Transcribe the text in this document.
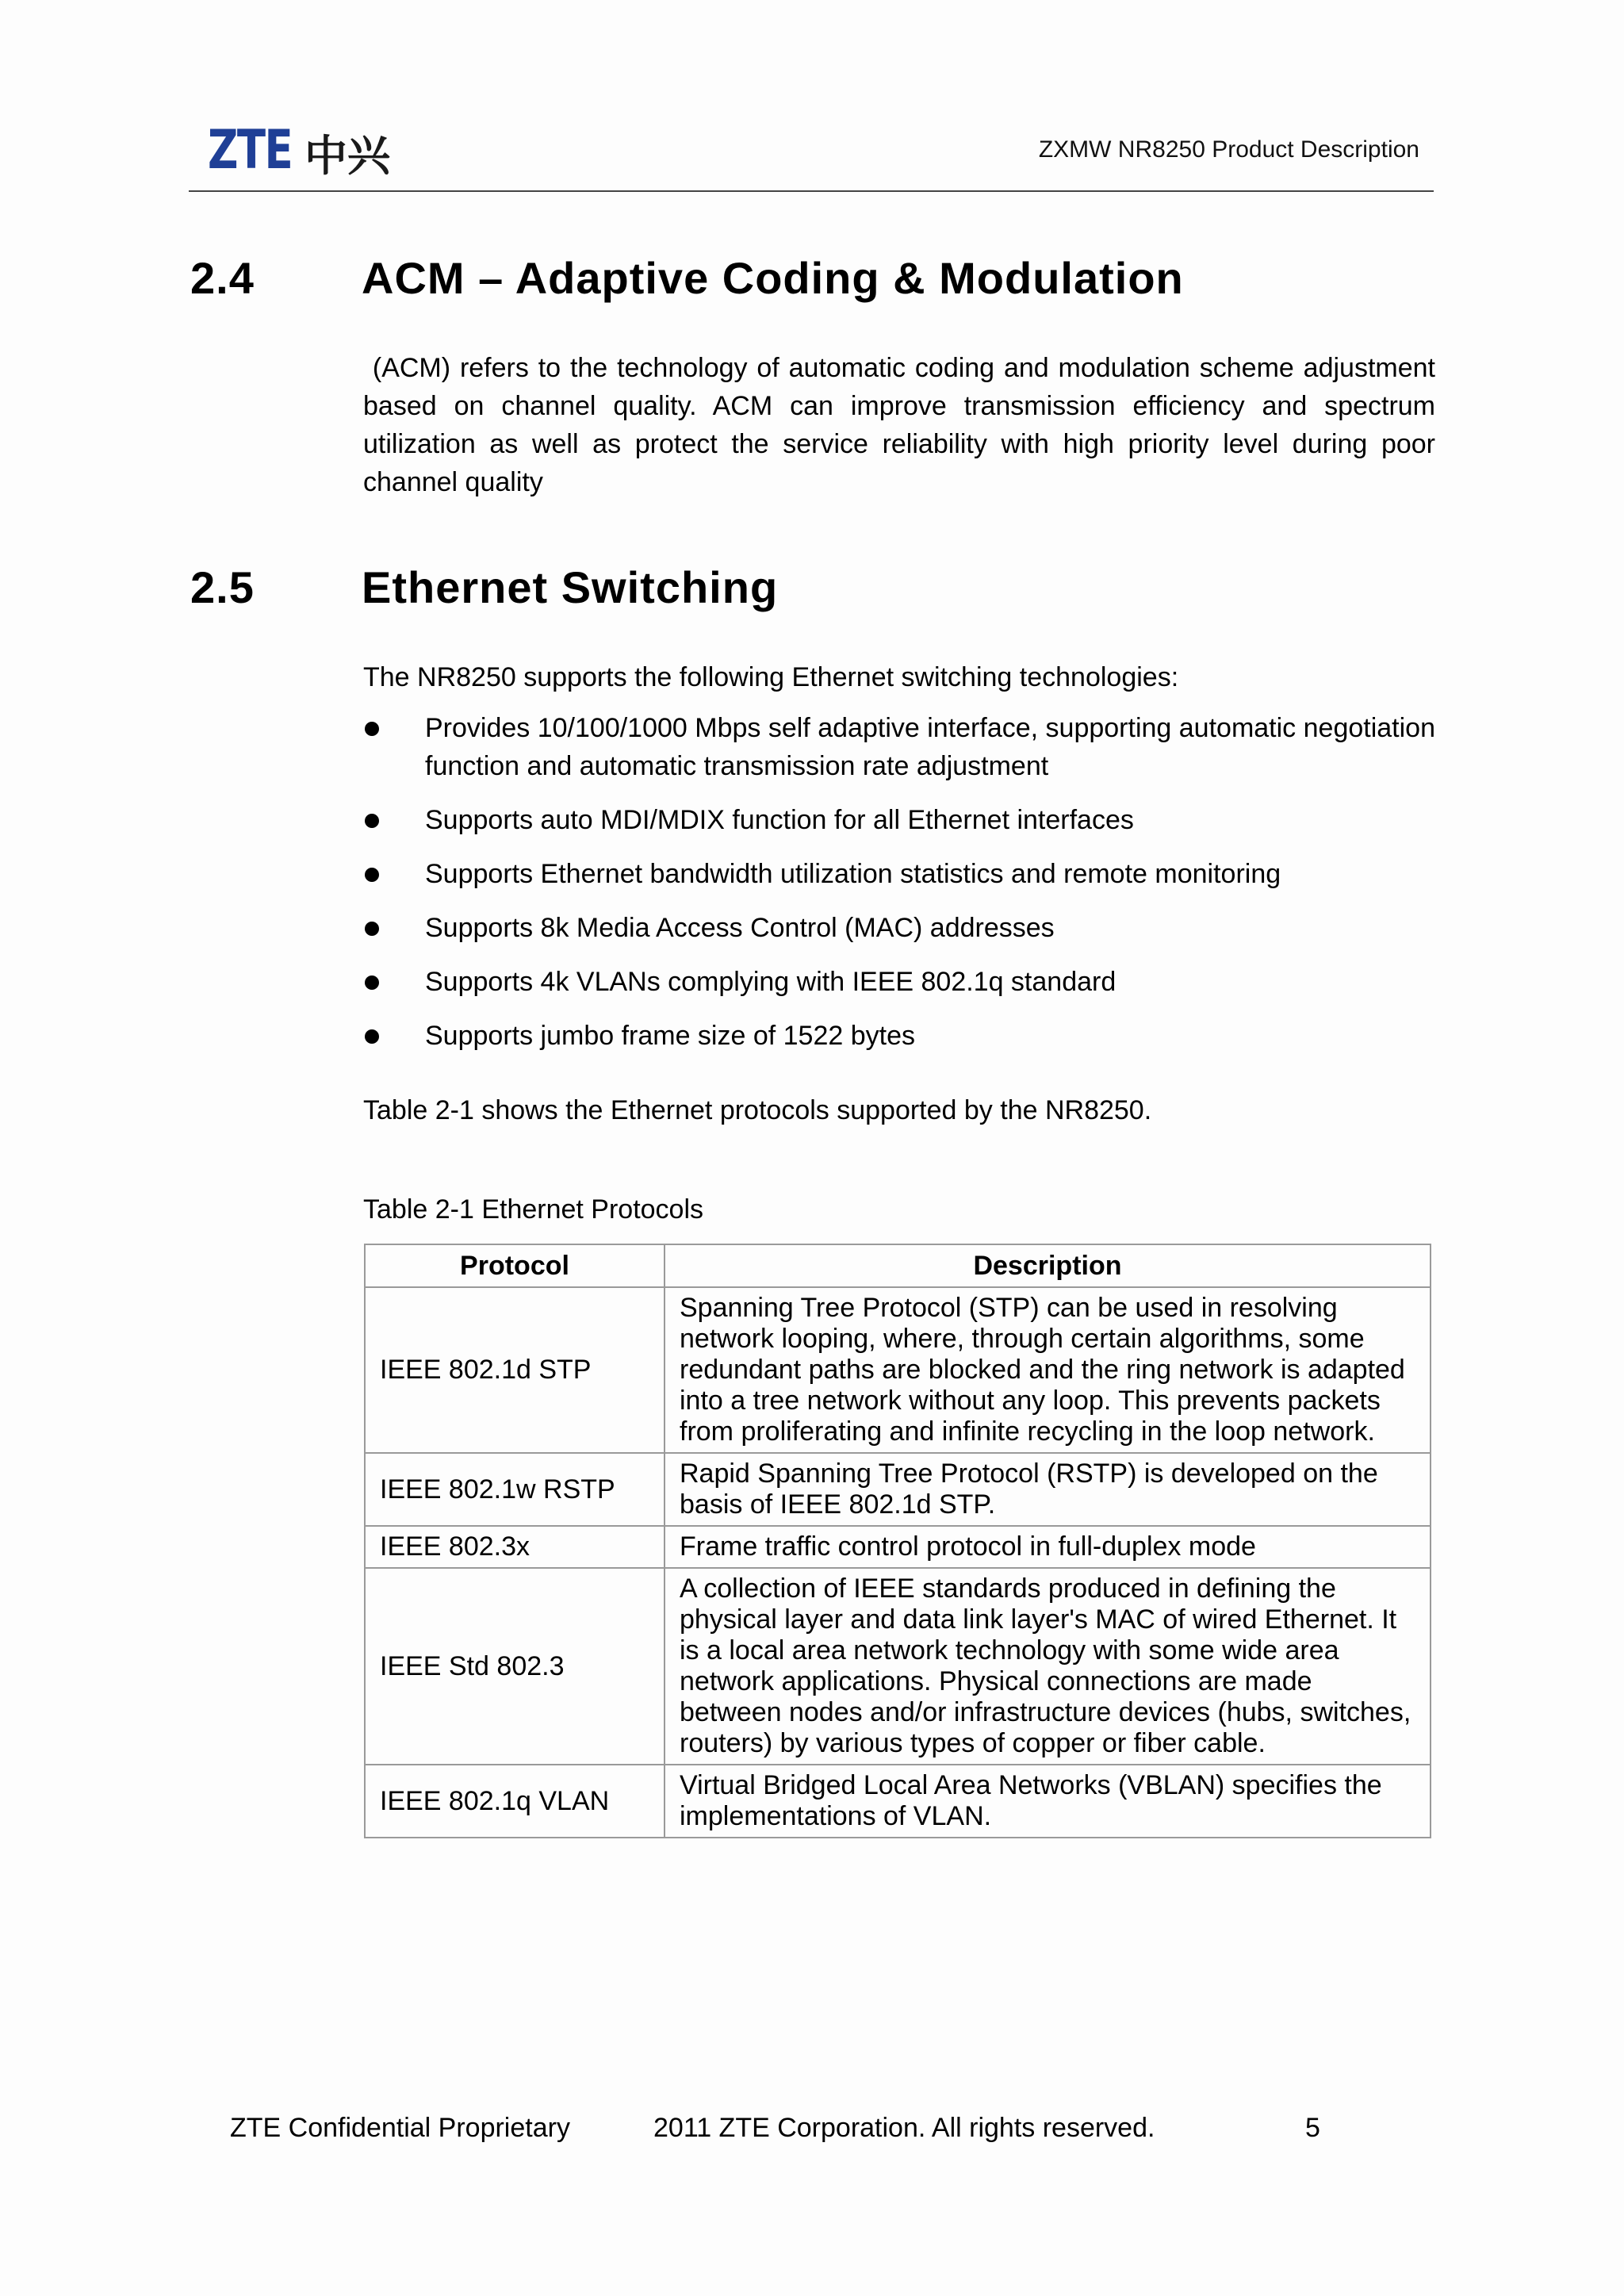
ZTE 中兴	ZXMW NR8250 Product Description
2.4	ACM – Adaptive Coding & Modulation

(ACM) refers to the technology of automatic coding and modulation scheme adjustment based on channel quality. ACM can improve transmission efficiency and spectrum utilization as well as protect the service reliability with high priority level during poor channel quality

2.5	Ethernet Switching

The NR8250 supports the following Ethernet switching technologies:

Provides 10/100/1000 Mbps self adaptive interface, supporting automatic negotiation function and automatic transmission rate adjustment
Supports auto MDI/MDIX function for all Ethernet interfaces
Supports Ethernet bandwidth utilization statistics and remote monitoring
Supports 8k Media Access Control (MAC) addresses
Supports 4k VLANs complying with IEEE 802.1q standard
Supports jumbo frame size of 1522 bytes

Table 2-1 shows the Ethernet protocols supported by the NR8250.

Table 2-1 Ethernet Protocols
Protocol	Description
IEEE 802.1d STP	Spanning Tree Protocol (STP) can be used in resolving network looping, where, through certain algorithms, some redundant paths are blocked and the ring network is adapted into a tree network without any loop. This prevents packets from proliferating and infinite recycling in the loop network.
IEEE 802.1w RSTP	Rapid Spanning Tree Protocol (RSTP) is developed on the basis of IEEE 802.1d STP.
IEEE 802.3x	Frame traffic control protocol in full-duplex mode
IEEE Std 802.3	A collection of IEEE standards produced in defining the physical layer and data link layer's MAC of wired Ethernet. It is a local area network technology with some wide area network applications. Physical connections are made between nodes and/or infrastructure devices (hubs, switches, routers) by various types of copper or fiber cable.
IEEE 802.1q VLAN	Virtual Bridged Local Area Networks (VBLAN) specifies the implementations of VLAN.
ZTE Confidential Proprietary	2011 ZTE Corporation. All rights reserved.	5
